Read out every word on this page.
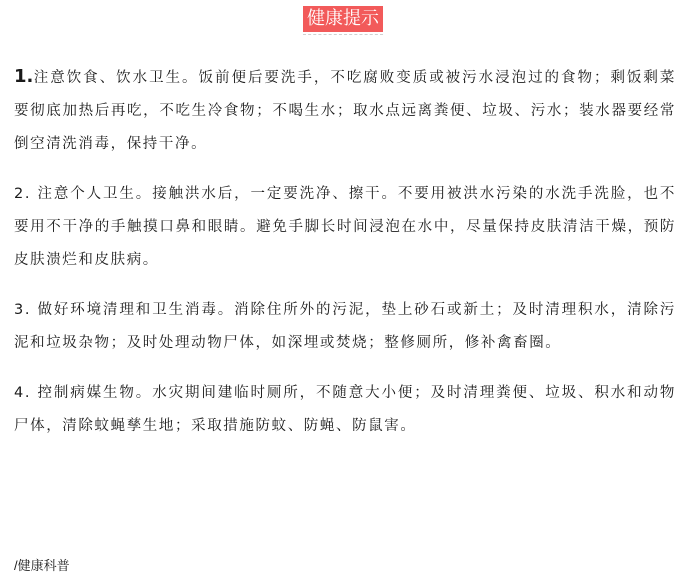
健康提示

1.注意饮食、饮水卫生。饭前便后要洗手，不吃腐败变质或被污水浸泡过的食物；剩饭剩菜要彻底加热后再吃，不吃生冷食物；不喝生水；取水点远离粪便、垃圾、污水；装水器要经常倒空清洗消毒，保持干净。

2. 注意个人卫生。接触洪水后，一定要洗净、擦干。不要用被洪水污染的水洗手洗脸，也不要用不干净的手触摸口鼻和眼睛。避免手脚长时间浸泡在水中，尽量保持皮肤清洁干燥，预防皮肤溃烂和皮肤病。

3. 做好环境清理和卫生消毒。消除住所外的污泥，垫上砂石或新土；及时清理积水，清除污泥和垃圾杂物；及时处理动物尸体，如深埋或焚烧；整修厕所，修补禽畜圈。

4. 控制病媒生物。水灾期间建临时厕所，不随意大小便；及时清理粪便、垃圾、积水和动物尸体，清除蚊蝇孳生地；采取措施防蚊、防蝇、防鼠害。

/健康科普
